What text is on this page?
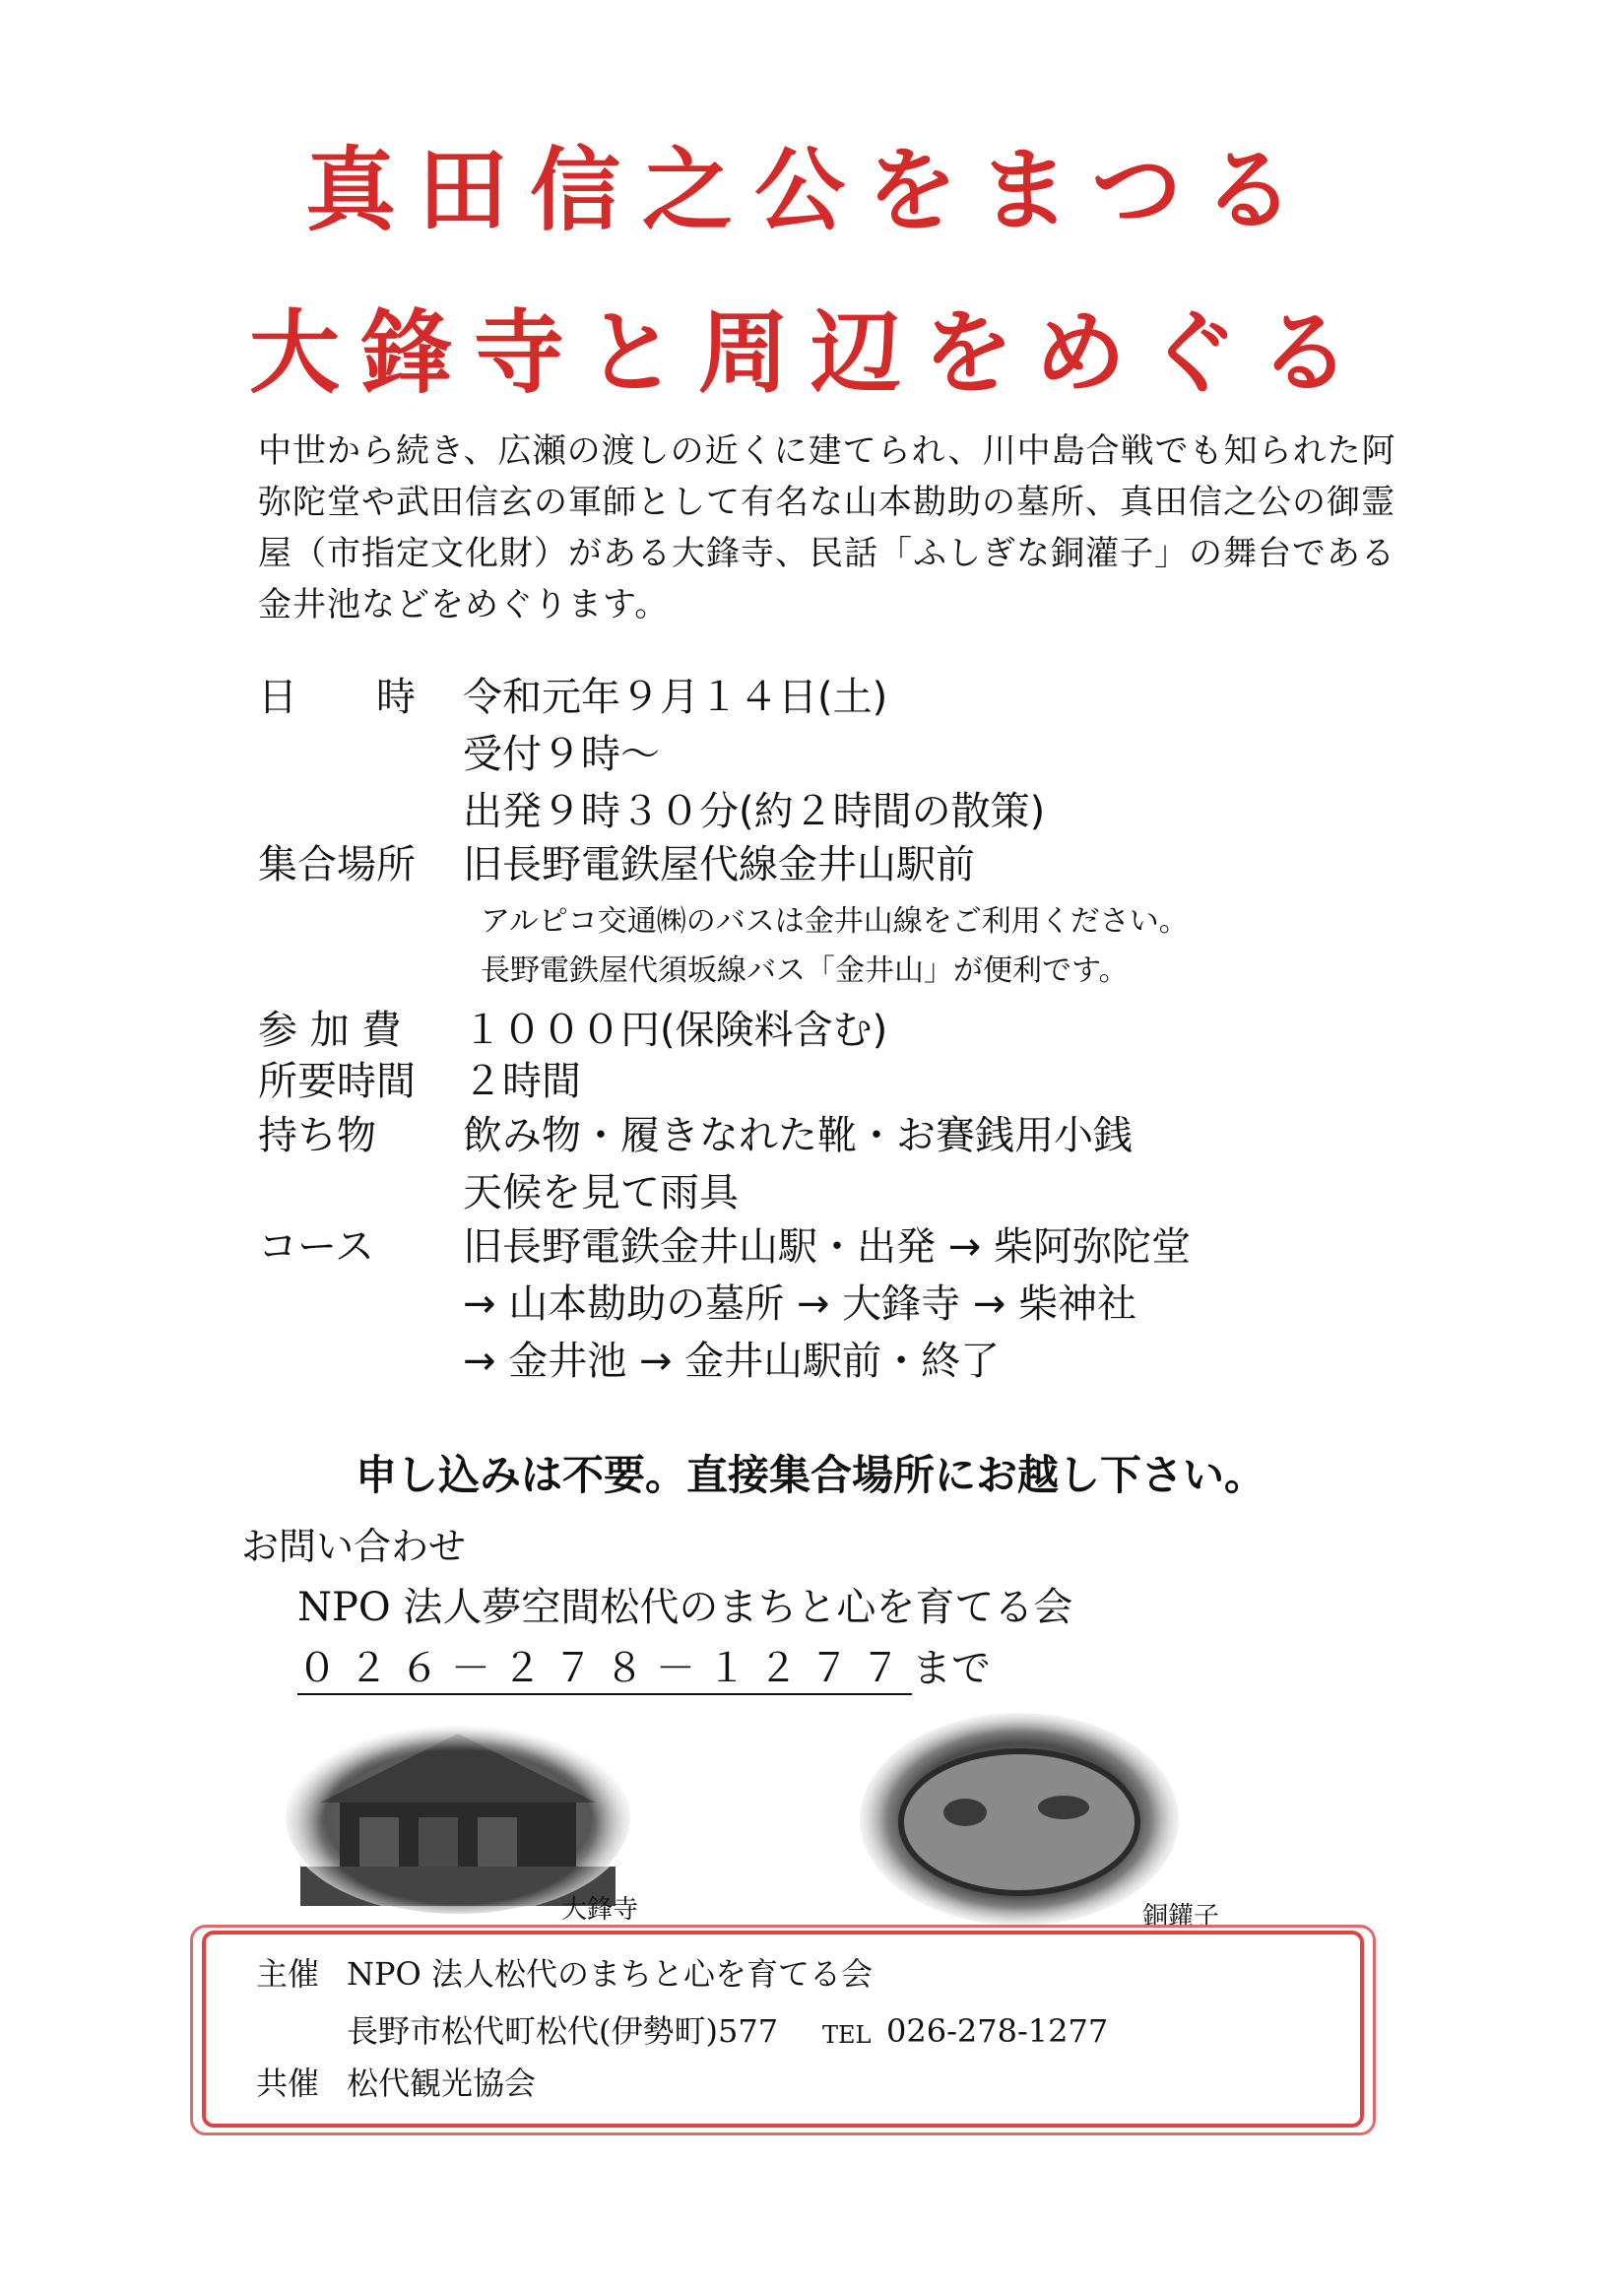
真田信之公をまつる
大鋒寺と周辺をめぐる
中世から続き、広瀬の渡しの近くに建てられ、川中島合戦でも知られた阿弥陀堂や武田信玄の軍師として有名な山本勘助の墓所、真田信之公の御霊屋（市指定文化財）がある大鋒寺、民話「ふしぎな銅灌子」の舞台である金井池などをめぐります。
日　　時 令和元年９月１４日(土)
受付９時～
出発９時３０分(約２時間の散策)
集合場所 旧長野電鉄屋代線金井山駅前
アルピコ交通㈱のバスは金井山線をご利用ください。
長野電鉄屋代須坂線バス「金井山」が便利です。
参 加 費 １０００円(保険料含む)
所要時間 ２時間
持ち物 飲み物・履きなれた靴・お賽銭用小銭
天候を見て雨具
コース 旧長野電鉄金井山駅・出発 → 柴阿弥陀堂
→ 山本勘助の墓所 → 大鋒寺 → 柴神社
→ 金井池 → 金井山駅前・終了
申し込みは不要。直接集合場所にお越し下さい。
お問い合わせ
NPO 法人夢空間松代のまちと心を育てる会
０２６－２７８－１２７７まで
大鋒寺	銅鑵子
主催 NPO 法人松代のまちと心を育てる会
長野市松代町松代(伊勢町)577 TEL 026-278-1277
共催 松代観光協会
